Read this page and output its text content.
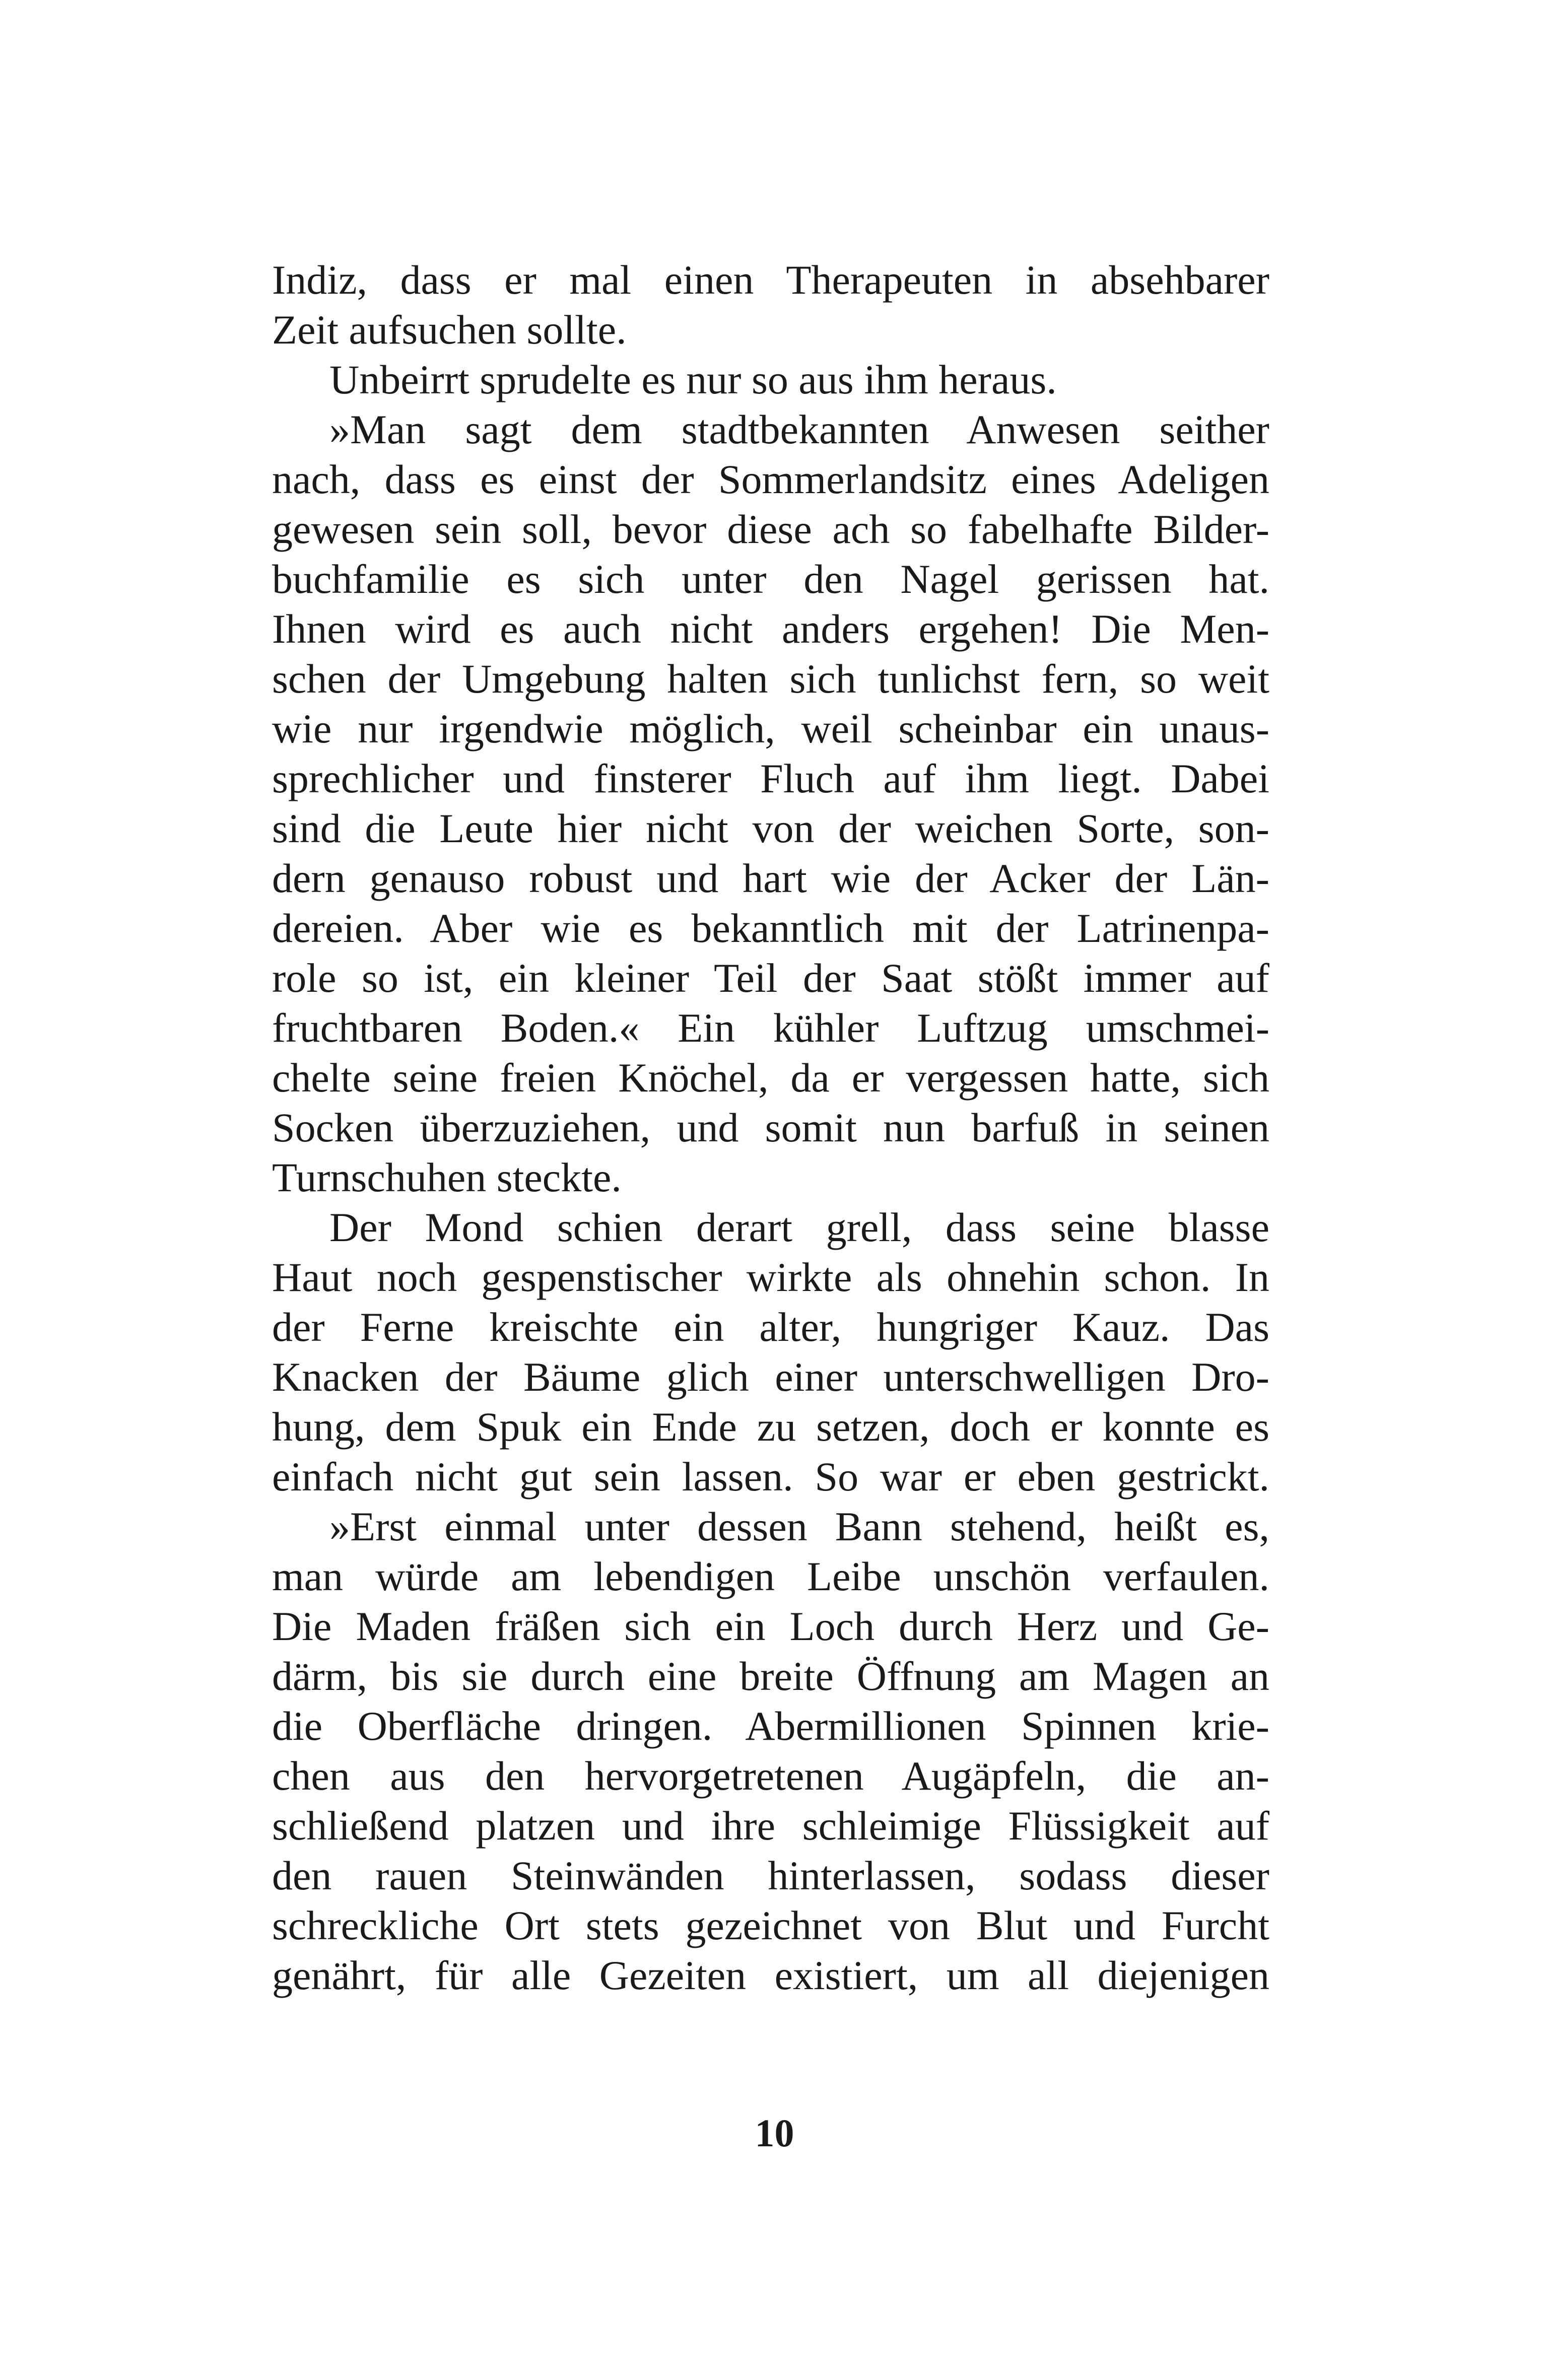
Indiz, dass er mal einen Therapeuten in absehbarer
Zeit aufsuchen sollte.

Unbeirrt sprudelte es nur so aus ihm heraus.

»Man sagt dem stadtbekannten Anwesen seither
nach, dass es einst der Sommerlandsitz eines Adeligen
gewesen sein soll, bevor diese ach so fabelhafte Bilder-
buchfamilie es sich unter den Nagel gerissen hat.
Ihnen wird es auch nicht anders ergehen! Die Men-
schen der Umgebung halten sich tunlichst fern, so weit
wie nur irgendwie möglich, weil scheinbar ein unaus-
sprechlicher und finsterer Fluch auf ihm liegt. Dabei
sind die Leute hier nicht von der weichen Sorte, son-
dern genauso robust und hart wie der Acker der Län-
dereien. Aber wie es bekanntlich mit der Latrinenpa-
role so ist, ein kleiner Teil der Saat stößt immer auf
fruchtbaren Boden.« Ein kühler Luftzug umschmei-
chelte seine freien Knöchel, da er vergessen hatte, sich
Socken überzuziehen, und somit nun barfuß in seinen
Turnschuhen steckte.

Der Mond schien derart grell, dass seine blasse
Haut noch gespenstischer wirkte als ohnehin schon. In
der Ferne kreischte ein alter, hungriger Kauz. Das
Knacken der Bäume glich einer unterschwelligen Dro-
hung, dem Spuk ein Ende zu setzen, doch er konnte es
einfach nicht gut sein lassen. So war er eben gestrickt.

»Erst einmal unter dessen Bann stehend, heißt es,
man würde am lebendigen Leibe unschön verfaulen.
Die Maden fräßen sich ein Loch durch Herz und Ge-
därm, bis sie durch eine breite Öffnung am Magen an
die Oberfläche dringen. Abermillionen Spinnen krie-
chen aus den hervorgetretenen Augäpfeln, die an-
schließend platzen und ihre schleimige Flüssigkeit auf
den rauen Steinwänden hinterlassen, sodass dieser
schreckliche Ort stets gezeichnet von Blut und Furcht
genährt, für alle Gezeiten existiert, um all diejenigen

10
